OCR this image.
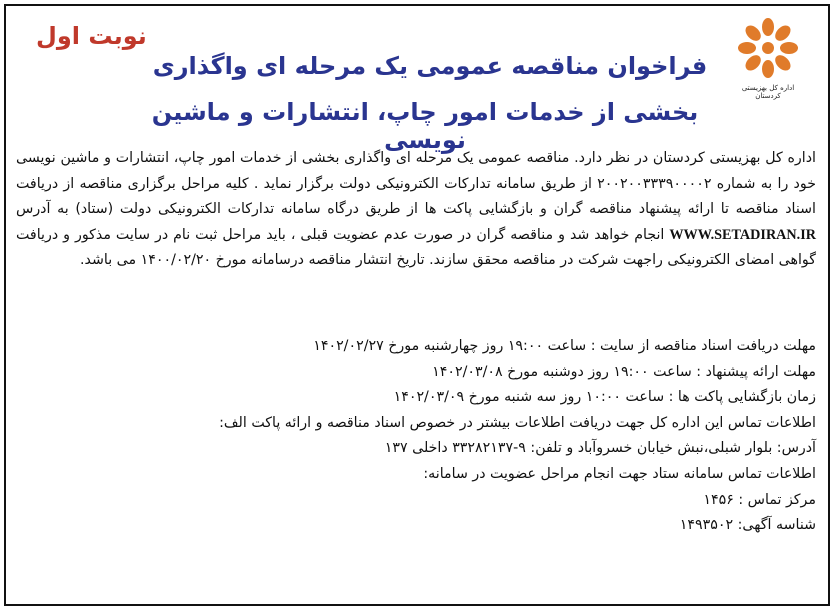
اداره کل بهزیستی کردستان
نوبت اول
فراخوان مناقصه عمومی یک مرحله ای واگذاری
بخشی از خدمات امور چاپ، انتشارات و ماشین نویسی

اداره کل بهزیستی کردستان در نظر دارد. مناقصه عمومی یک مرحله ای واگذاری بخشی از خدمات امور چاپ، انتشارات و ماشین نویسی خود را به شماره ۲۰۰۲۰۰۳۳۳۹۰۰۰۰۲ از طریق سامانه تدارکات الکترونیکی دولت برگزار نماید . کلیه مراحل برگزاری مناقصه از دریافت اسناد مناقصه تا ارائه پیشنهاد مناقصه گران و بازگشایی پاکت ها از طریق درگاه سامانه تدارکات الکترونیکی دولت (ستاد) به آدرس WWW.SETADIRAN.IR انجام خواهد شد و مناقصه گران در صورت عدم عضویت قبلی ، باید مراحل ثبت نام در سایت مذکور و دریافت گواهی امضای الکترونیکی راجهت شرکت در مناقصه محقق سازند. تاریخ انتشار مناقصه درسامانه مورخ ۱۴۰۰/۰۲/۲۰ می باشد.

مهلت دریافت اسناد مناقصه از سایت : ساعت ۱۹:۰۰ روز چهارشنبه مورخ ۱۴۰۲/۰۲/۲۷
مهلت ارائه پیشنهاد : ساعت ۱۹:۰۰ روز دوشنبه مورخ ۱۴۰۲/۰۳/۰۸
زمان بازگشایی پاکت ها : ساعت ۱۰:۰۰ روز سه شنبه مورخ ۱۴۰۲/۰۳/۰۹
اطلاعات تماس این اداره کل جهت دریافت اطلاعات بیشتر در خصوص اسناد مناقصه و ارائه پاکت الف:
آدرس: بلوار شبلی،نبش خیابان خسروآباد و تلفن: ۹-۳۳۲۸۲۱۳۷ داخلی ۱۳۷
اطلاعات تماس سامانه ستاد جهت انجام مراحل عضویت در سامانه:
مرکز تماس : ۱۴۵۶
شناسه آگهی: ۱۴۹۳۵۰۲
